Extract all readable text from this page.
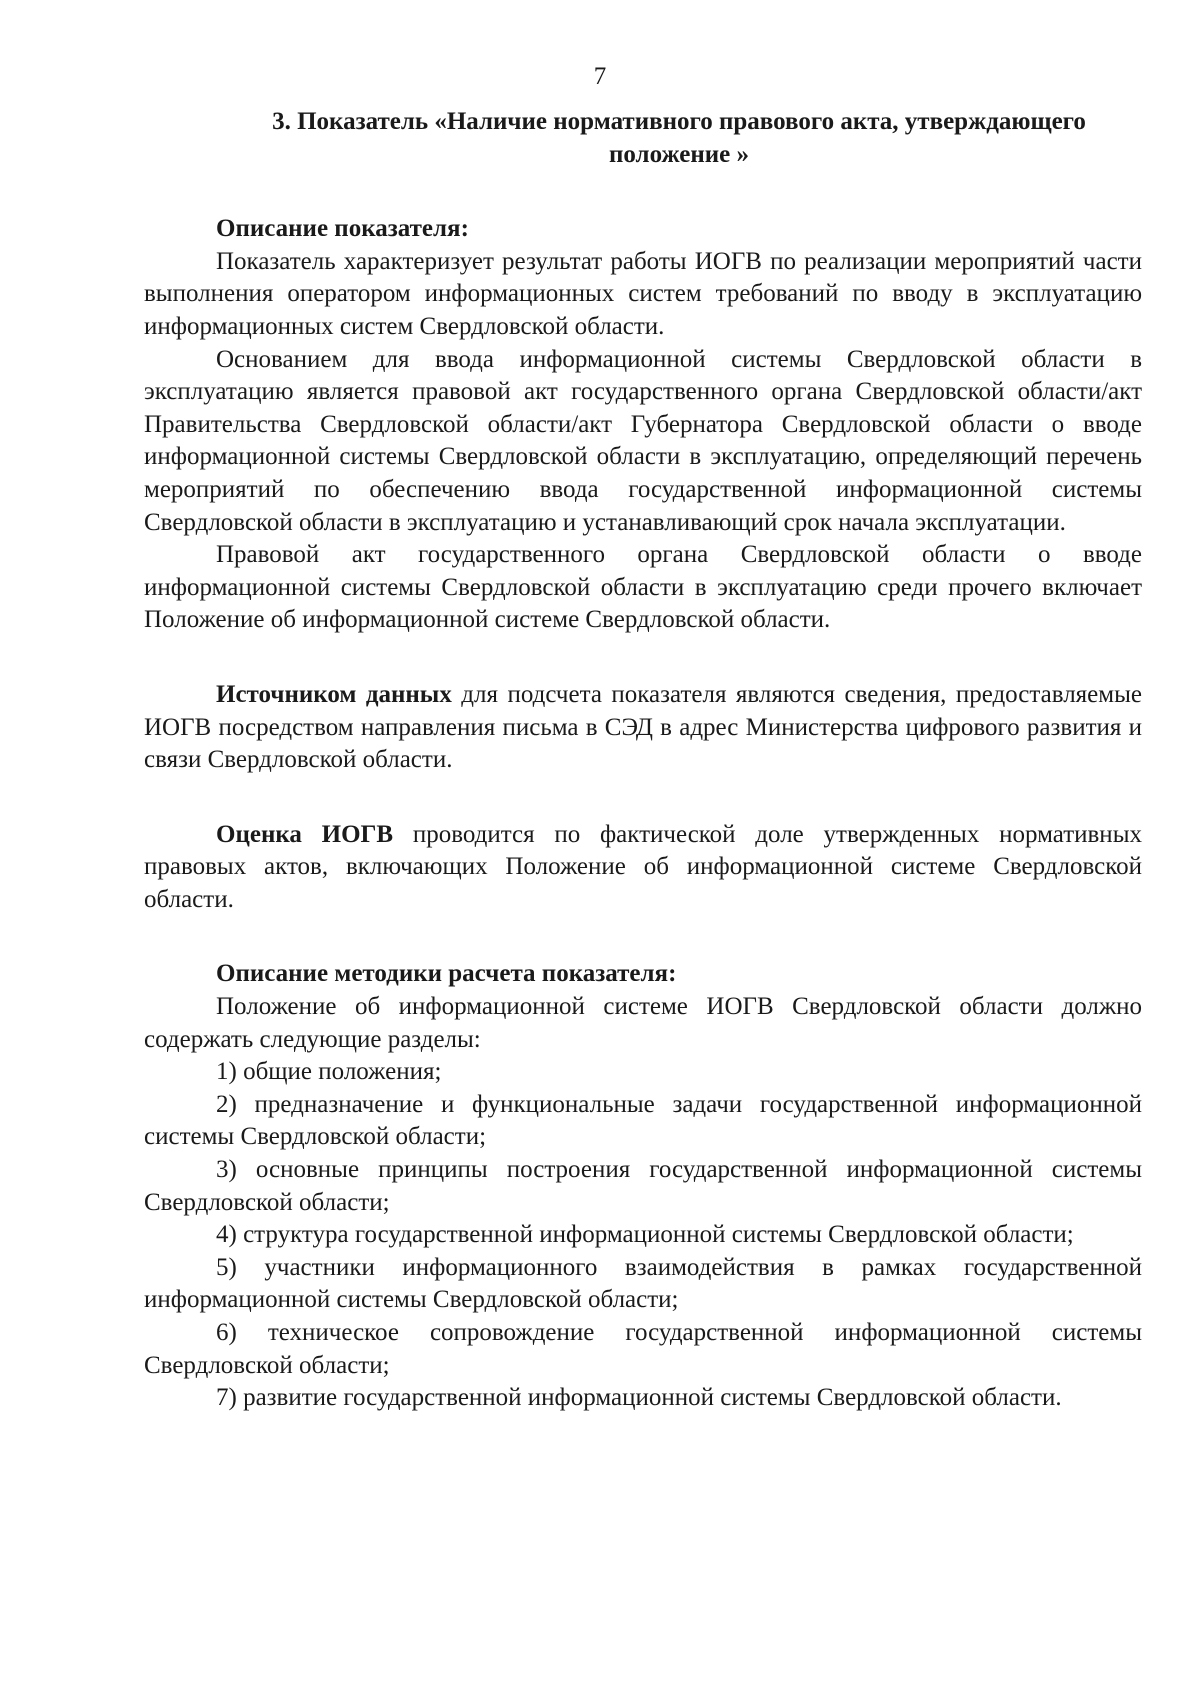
7
3. Показатель «Наличие нормативного правового акта, утверждающего положение »
Описание показателя:

Показатель характеризует результат работы ИОГВ по реализации мероприятий части выполнения оператором информационных систем требований по вводу в эксплуатацию информационных систем Свердловской области.

Основанием для ввода информационной системы Свердловской области в эксплуатацию является правовой акт государственного органа Свердловской области/акт Правительства Свердловской области/акт Губернатора Свердловской области о вводе информационной системы Свердловской области в эксплуатацию, определяющий перечень мероприятий по обеспечению ввода государственной информационной системы Свердловской области в эксплуатацию и устанавливающий срок начала эксплуатации.

Правовой акт государственного органа Свердловской области о вводе информационной системы Свердловской области в эксплуатацию среди прочего включает Положение об информационной системе Свердловской области.

Источником данных для подсчета показателя являются сведения, предоставляемые ИОГВ посредством направления письма в СЭД в адрес Министерства цифрового развития и связи Свердловской области.

Оценка ИОГВ проводится по фактической доле утвержденных нормативных правовых актов, включающих Положение об информационной системе Свердловской области.

Описание методики расчета показателя:

Положение об информационной системе ИОГВ Свердловской области должно содержать следующие разделы:

1) общие положения;

2) предназначение и функциональные задачи государственной информационной системы Свердловской области;

3) основные принципы построения государственной информационной системы Свердловской области;

4) структура государственной информационной системы Свердловской области;

5) участники информационного взаимодействия в рамках государственной информационной системы Свердловской области;

6) техническое сопровождение государственной информационной системы Свердловской области;

7) развитие государственной информационной системы Свердловской области.
